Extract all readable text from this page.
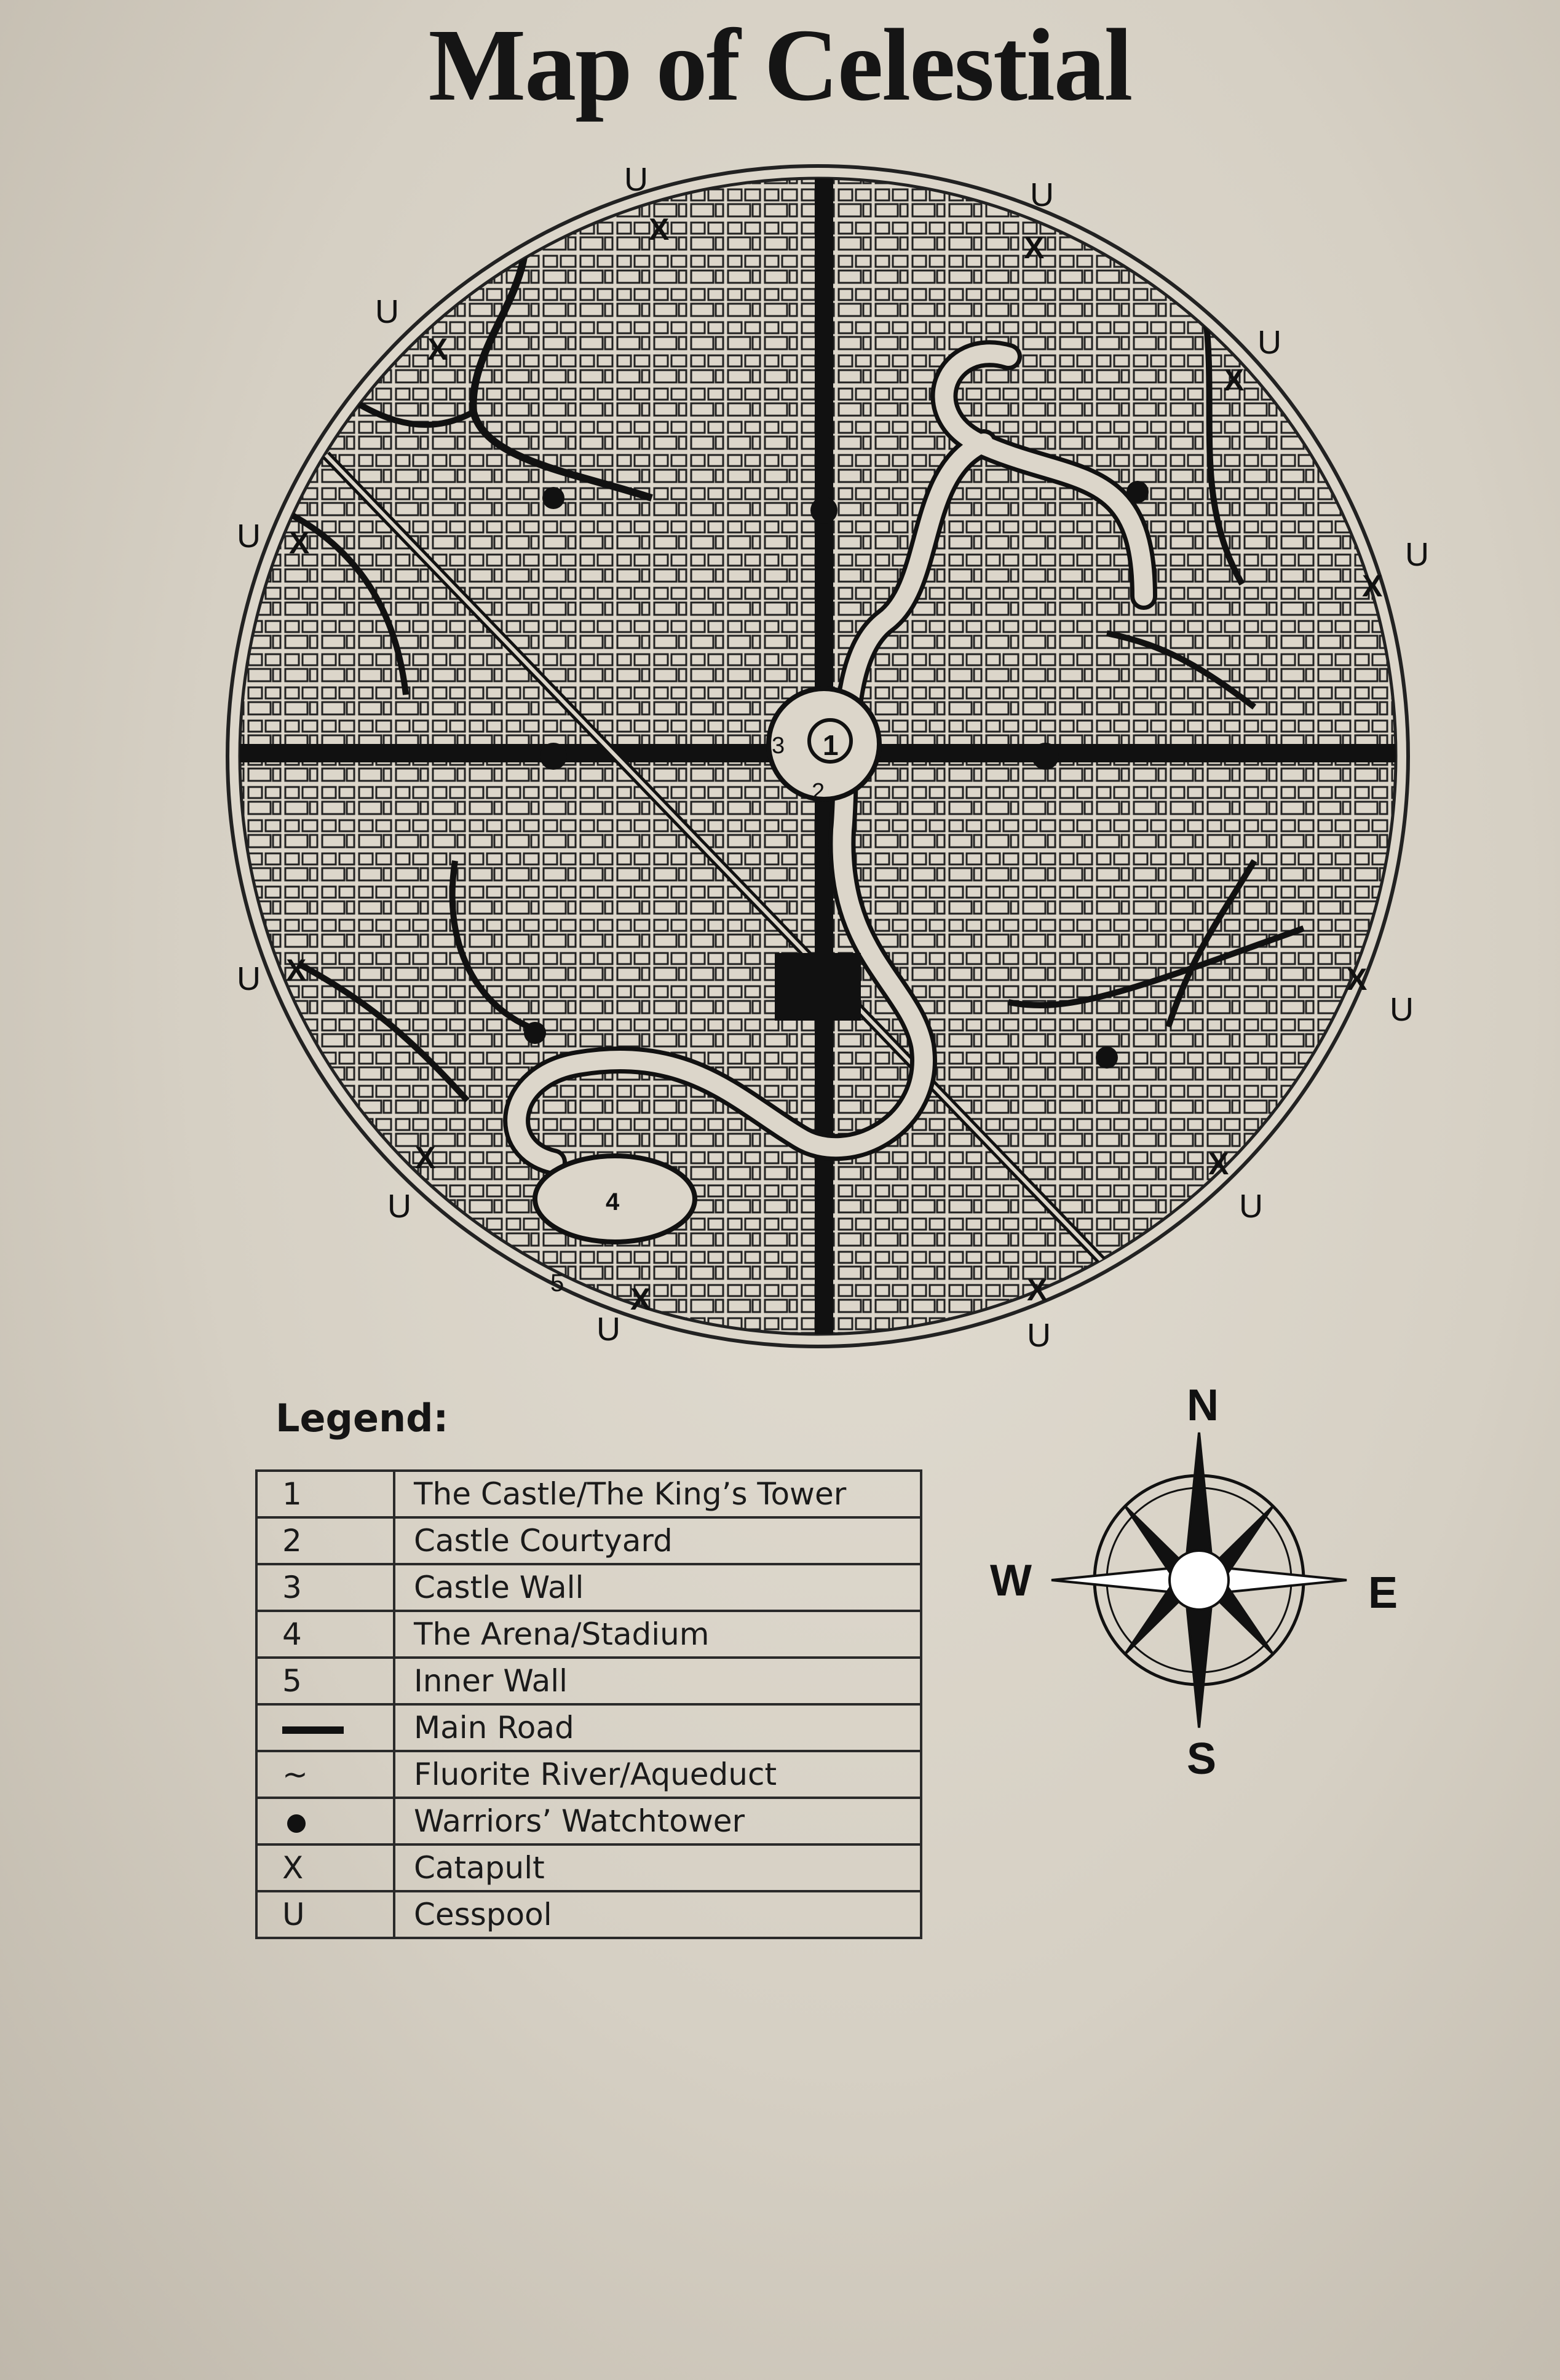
Map of Celestial
1
2
3
4
5
U	U
U
U
U	U
U
U
U	U
U	U
X
X
X
X
X
X
X	X
X	X
X	X
Legend:
1	The Castle/The King’s Tower
2	Castle Courtyard
3	Castle Wall
4	The Arena/Stadium
5	Inner Wall
	Main Road
~	Fluorite River/Aqueduct
	Warriors’ Watchtower
X	Catapult
U	Cesspool
N
S
W	E
